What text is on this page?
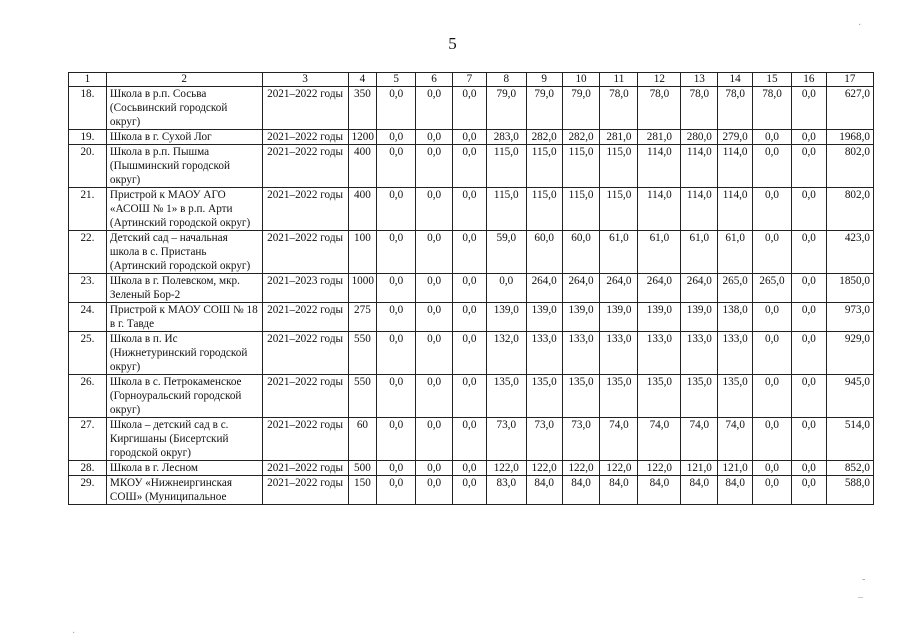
5
1	2	3	4	5	6	7	8	9	10	11	12	13	14	15	16	17
18.	Школа в р.п. Сосьва (Сосьвинский городской округ)	2021–2022 годы	350	0,0	0,0	0,0	79,0	79,0	79,0	78,0	78,0	78,0	78,0	78,0	0,0	627,0
19.	Школа в г. Сухой Лог	2021–2022 годы	1200	0,0	0,0	0,0	283,0	282,0	282,0	281,0	281,0	280,0	279,0	0,0	0,0	1968,0
20.	Школа в р.п. Пышма (Пышминский городской округ)	2021–2022 годы	400	0,0	0,0	0,0	115,0	115,0	115,0	115,0	114,0	114,0	114,0	0,0	0,0	802,0
21.	Пристрой к МАОУ АГО «АСОШ № 1» в р.п. Арти (Артинский городской округ)	2021–2022 годы	400	0,0	0,0	0,0	115,0	115,0	115,0	115,0	114,0	114,0	114,0	0,0	0,0	802,0
22.	Детский сад – начальная школа в с. Пристань (Артинский городской округ)	2021–2022 годы	100	0,0	0,0	0,0	59,0	60,0	60,0	61,0	61,0	61,0	61,0	0,0	0,0	423,0
23.	Школа в г. Полевском, мкр. Зеленый Бор-2	2021–2023 годы	1000	0,0	0,0	0,0	0,0	264,0	264,0	264,0	264,0	264,0	265,0	265,0	0,0	1850,0
24.	Пристрой к МАОУ СОШ № 18 в г. Тавде	2021–2022 годы	275	0,0	0,0	0,0	139,0	139,0	139,0	139,0	139,0	139,0	138,0	0,0	0,0	973,0
25.	Школа в п. Ис (Нижнетуринский городской округ)	2021–2022 годы	550	0,0	0,0	0,0	132,0	133,0	133,0	133,0	133,0	133,0	133,0	0,0	0,0	929,0
26.	Школа в с. Петрокаменское (Горноуральский городской округ)	2021–2022 годы	550	0,0	0,0	0,0	135,0	135,0	135,0	135,0	135,0	135,0	135,0	0,0	0,0	945,0
27.	Школа – детский сад в с. Киргишаны (Бисертский городской округ)	2021–2022 годы	60	0,0	0,0	0,0	73,0	73,0	73,0	74,0	74,0	74,0	74,0	0,0	0,0	514,0
28.	Школа в г. Лесном	2021–2022 годы	500	0,0	0,0	0,0	122,0	122,0	122,0	122,0	122,0	121,0	121,0	0,0	0,0	852,0
29.	МКОУ «Нижнеиргинская СОШ» (Муниципальное	2021–2022 годы	150	0,0	0,0	0,0	83,0	84,0	84,0	84,0	84,0	84,0	84,0	0,0	0,0	588,0
·
-
–
·
